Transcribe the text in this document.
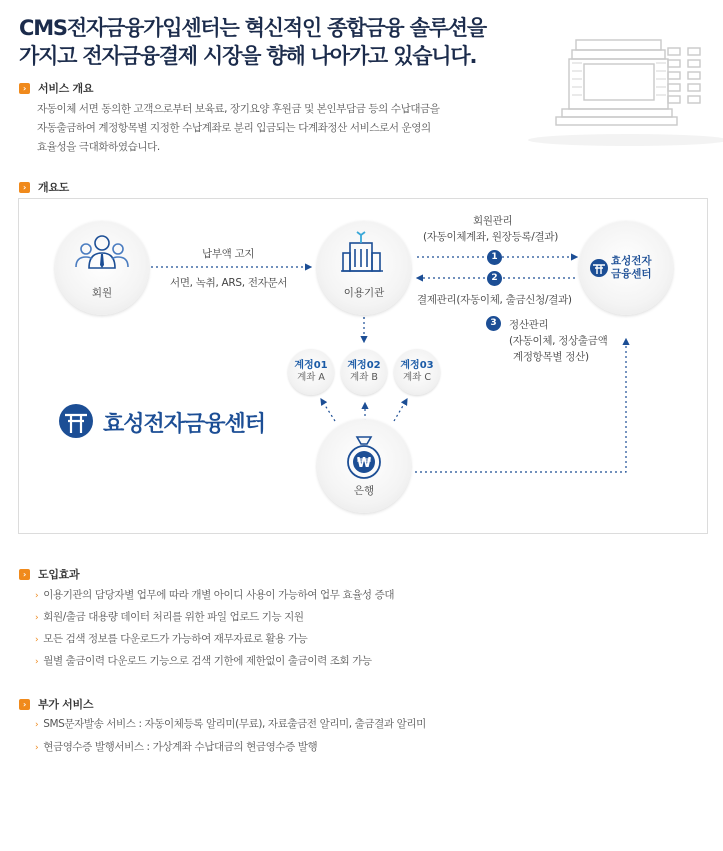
CMS전자금융가입센터는 혁신적인 종합금융 솔루션을
가지고 전자금융결제 시장을 향해 나아가고 있습니다.
›	서비스 개요
자동이체 서면 동의한 고객으로부터 보육료, 장기요양 후원금 및 본인부담금 등의 수납대금을
자동출금하여 계정항목별 지정한 수납계좌로 분리 입금되는 다계좌정산 서비스로서 운영의
효율성을 극대화하였습니다.
›	개요도
회원
납부액 고지
서면, 녹취, ARS, 전자문서
이용기관
회원관리
(자동이체계좌, 원장등록/결과)
1
2
결제관리(자동이체, 출금신청/결과)
효성전자
금융센터
3	정산관리
(자동이체, 정상출금액
계정항목별 정산)
계정01
계좌 A
계정02
계좌 B
계정03
계좌 C
효성전자금융센터
₩
은행
›	도입효과
› 이용기관의 담당자별 업무에 따라 개별 아이디 사용이 가능하여 업무 효율성 증대
› 회원/출금 대용량 데이터 처리를 위한 파일 업로드 기능 지원
› 모든 검색 정보를 다운로드가 가능하여 재무자료로 활용 가능
› 월별 출금이력 다운로드 기능으로 검색 기한에 제한없이 출금이력 조회 가능
›	부가 서비스
› SMS문자발송 서비스 : 자동이체등록 알리미(무료), 자료출금전 알리미, 출금결과 알리미
› 현금영수증 발행서비스 : 가상계좌 수납대금의 현금영수증 발행
